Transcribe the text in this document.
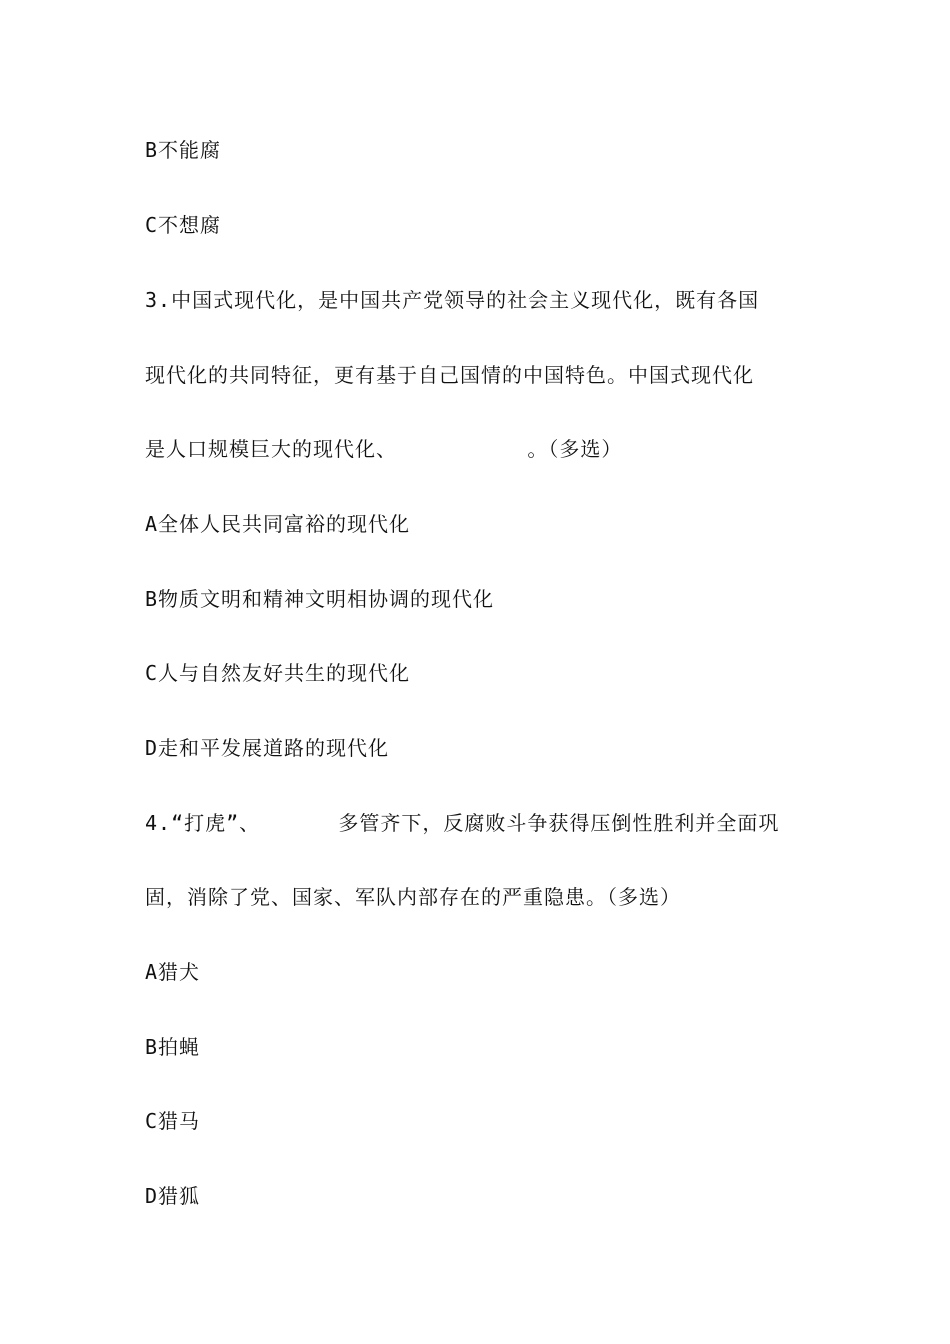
B不能腐
C不想腐
3.中国式现代化，是中国共产党领导的社会主义现代化，既有各国
现代化的共同特征，更有基于自己国情的中国特色。中国式现代化
是人口规模巨大的现代化、          。（多选）
A全体人民共同富裕的现代化
B物质文明和精神文明相协调的现代化
C人与自然友好共生的现代化
D走和平发展道路的现代化
4.“打虎”、      多管齐下，反腐败斗争获得压倒性胜利并全面巩
固，消除了党、国家、军队内部存在的严重隐患。（多选）
A猎犬
B拍蝇
C猎马
D猎狐
